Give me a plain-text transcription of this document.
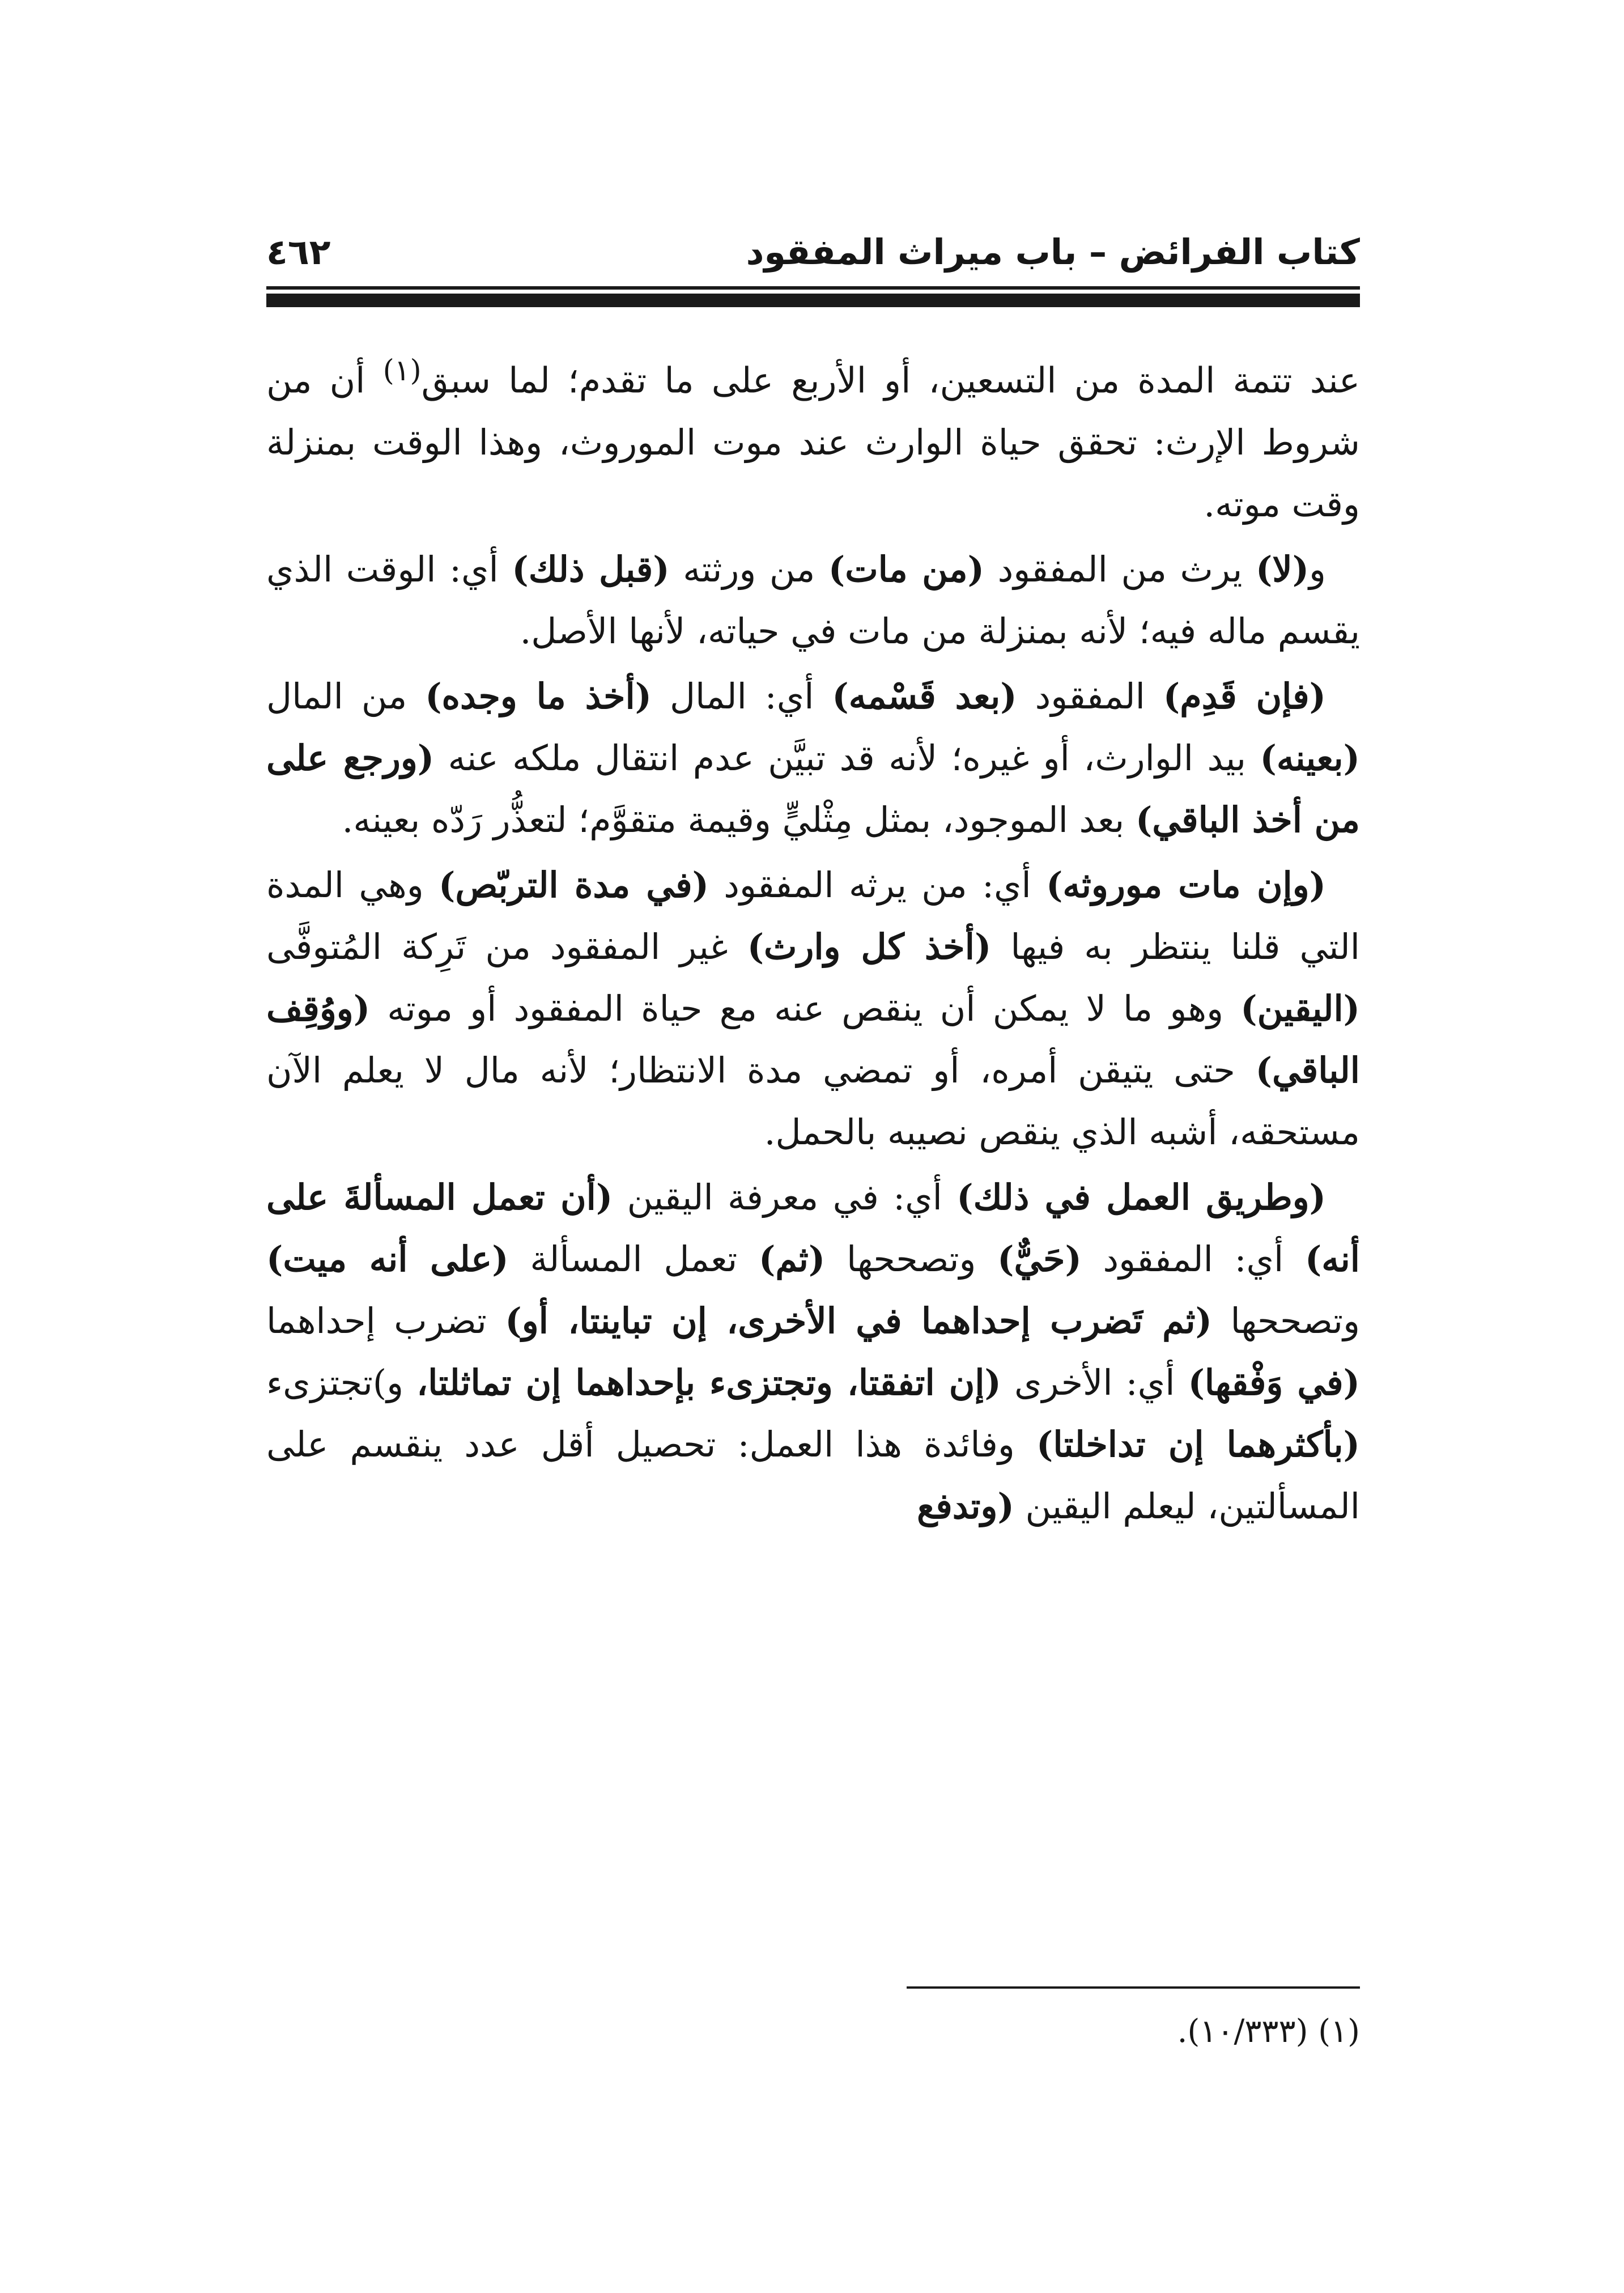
كتاب الفرائض – باب ميراث المفقود
٤٦٢

عند تتمة المدة من التسعين، أو الأربع على ما تقدم؛ لما سبق$^{(١)}$ أن من شروط الإرث: تحقق حياة الوارث عند موت الموروث، وهذا الوقت بمنزلة وقت موته.

و(لا) يرث من المفقود (من مات) من ورثته (قبل ذلك) أي: الوقت الذي يقسم ماله فيه؛ لأنه بمنزلة من مات في حياته، لأنها الأصل.

(فإن قَدِم) المفقود (بعد قَسْمه) أي: المال (أخذ ما وجده) من المال (بعينه) بيد الوارث، أو غيره؛ لأنه قد تبيَّن عدم انتقال ملكه عنه (ورجع على من أخذ الباقي) بعد الموجود، بمثل مِثْليٍّ وقيمة متقوَّم؛ لتعذُّر رَدّه بعينه.

(وإن مات موروثه) أي: من يرثه المفقود (في مدة التربّص) وهي المدة التي قلنا ينتظر به فيها (أخذ كل وارث) غير المفقود من تَرِكة المُتوفَّى (اليقين) وهو ما لا يمكن أن ينقص عنه مع حياة المفقود أو موته (ووُقِف الباقي) حتى يتيقن أمره، أو تمضي مدة الانتظار؛ لأنه مال لا يعلم الآن مستحقه، أشبه الذي ينقص نصيبه بالحمل.

(وطريق العمل في ذلك) أي: في معرفة اليقين (أن تعمل المسألةَ على أنه) أي: المفقود (حَيٌّ) وتصححها (ثم) تعمل المسألة (على أنه ميت) وتصححها (ثم تَضرب إحداهما في الأخرى، إن تباينتا، أو) تضرب إحداهما (في وَفْقها) أي: الأخرى (إن اتفقتا، وتجتزىء بإحداهما إن تماثلتا، و)تجتزىء (بأكثرهما إن تداخلتا) وفائدة هذا العمل: تحصيل أقل عدد ينقسم على المسألتين، ليعلم اليقين (وتدفع

(١) (١٠/٣٣٣).
